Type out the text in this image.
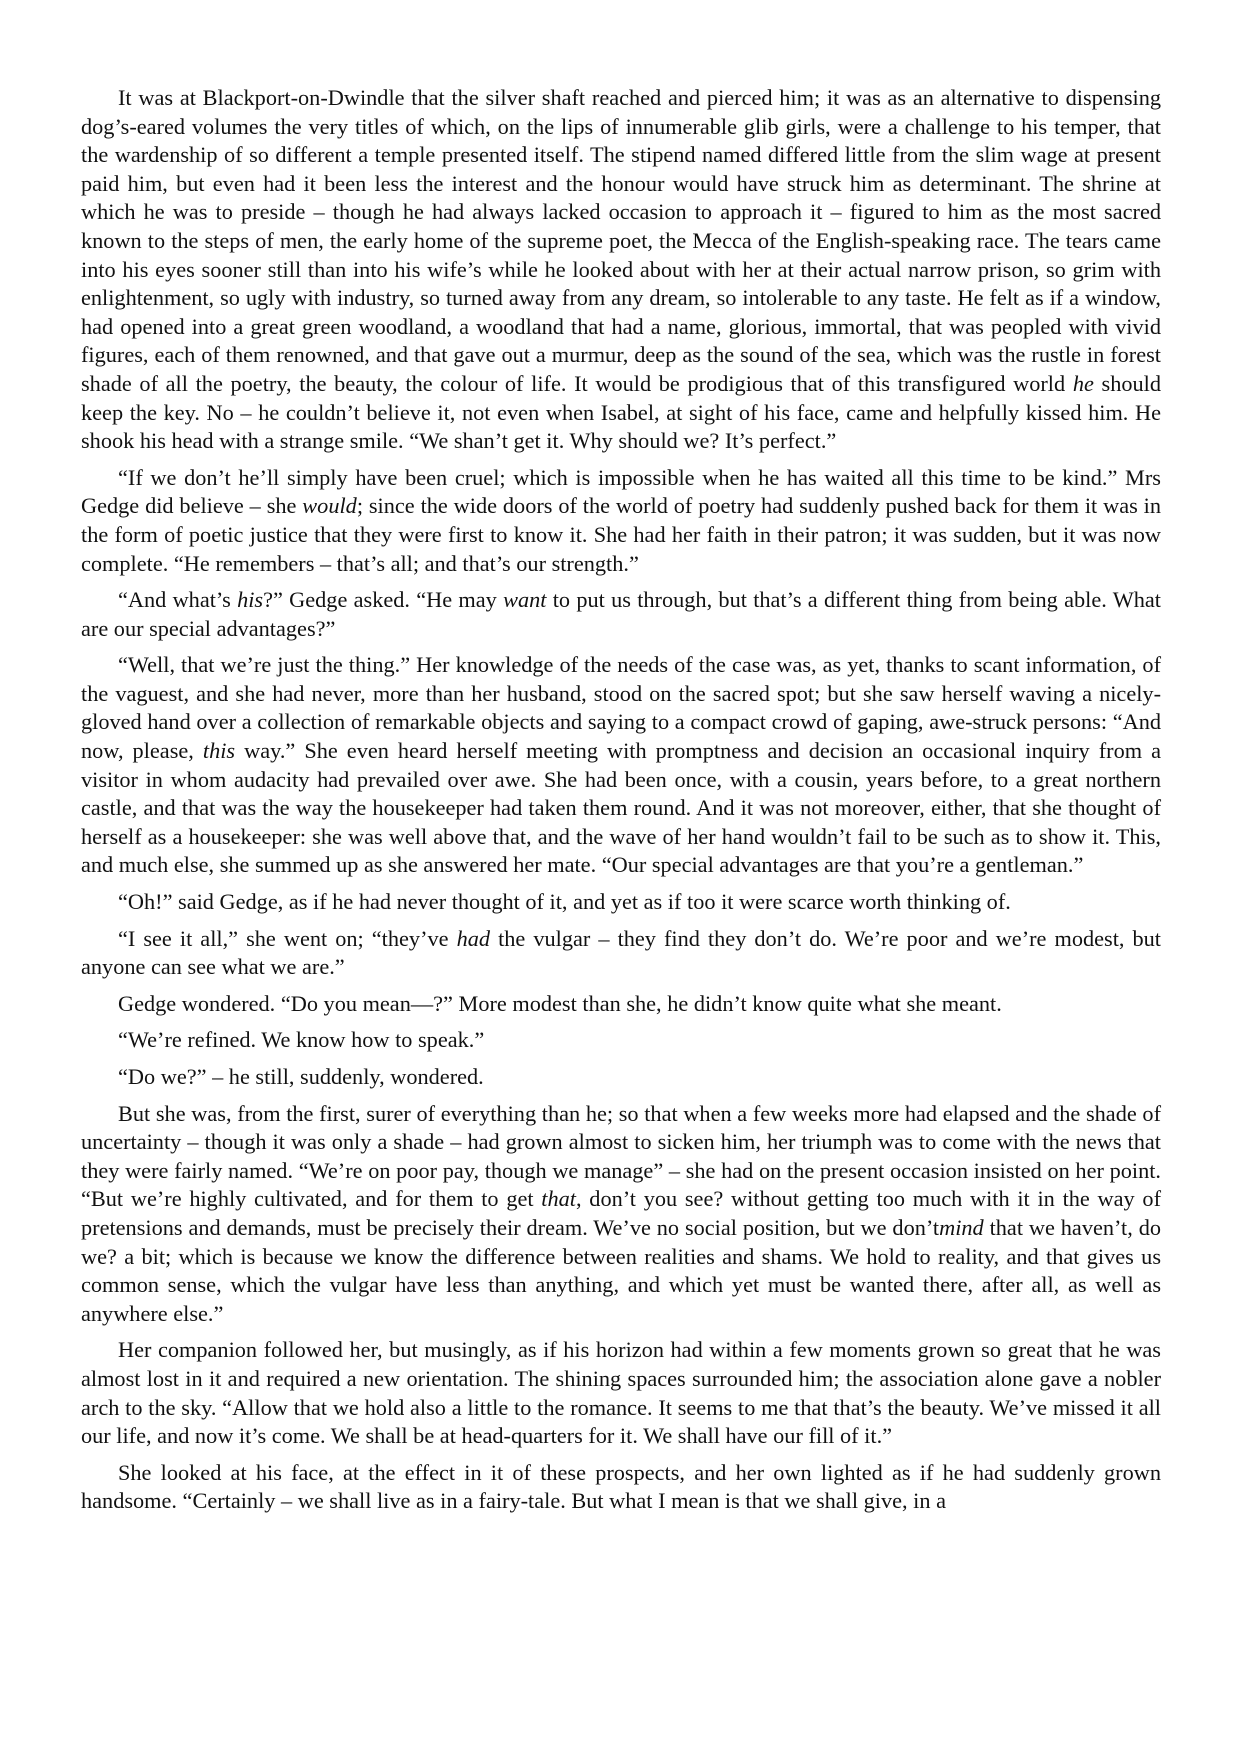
It was at Blackport-on-Dwindle that the silver shaft reached and pierced him; it was as an alternative to dispensing dog’s-eared volumes the very titles of which, on the lips of innumerable glib girls, were a challenge to his temper, that the wardenship of so different a temple presented itself. The stipend named differed little from the slim wage at present paid him, but even had it been less the interest and the honour would have struck him as determinant. The shrine at which he was to preside – though he had always lacked occasion to approach it – figured to him as the most sacred known to the steps of men, the early home of the supreme poet, the Mecca of the English-speaking race. The tears came into his eyes sooner still than into his wife’s while he looked about with her at their actual narrow prison, so grim with enlightenment, so ugly with industry, so turned away from any dream, so intolerable to any taste. He felt as if a window, had opened into a great green woodland, a woodland that had a name, glorious, immortal, that was peopled with vivid figures, each of them renowned, and that gave out a murmur, deep as the sound of the sea, which was the rustle in forest shade of all the poetry, the beauty, the colour of life. It would be prodigious that of this transfigured world he should keep the key. No – he couldn’t believe it, not even when Isabel, at sight of his face, came and helpfully kissed him. He shook his head with a strange smile. “We shan’t get it. Why should we? It’s perfect.”

“If we don’t he’ll simply have been cruel; which is impossible when he has waited all this time to be kind.” Mrs Gedge did believe – she would; since the wide doors of the world of poetry had suddenly pushed back for them it was in the form of poetic justice that they were first to know it. She had her faith in their patron; it was sudden, but it was now complete. “He remembers – that’s all; and that’s our strength.”

“And what’s his?” Gedge asked. “He may want to put us through, but that’s a different thing from being able. What are our special advantages?”

“Well, that we’re just the thing.” Her knowledge of the needs of the case was, as yet, thanks to scant information, of the vaguest, and she had never, more than her husband, stood on the sacred spot; but she saw herself waving a nicely-gloved hand over a collection of remarkable objects and saying to a compact crowd of gaping, awe-struck persons: “And now, please, this way.” She even heard herself meeting with promptness and decision an occasional inquiry from a visitor in whom audacity had prevailed over awe. She had been once, with a cousin, years before, to a great northern castle, and that was the way the housekeeper had taken them round. And it was not moreover, either, that she thought of herself as a housekeeper: she was well above that, and the wave of her hand wouldn’t fail to be such as to show it. This, and much else, she summed up as she answered her mate. “Our special advantages are that you’re a gentleman.”

“Oh!” said Gedge, as if he had never thought of it, and yet as if too it were scarce worth thinking of.

“I see it all,” she went on; “they’ve had the vulgar – they find they don’t do. We’re poor and we’re modest, but anyone can see what we are.”

Gedge wondered. “Do you mean—?” More modest than she, he didn’t know quite what she meant.

“We’re refined. We know how to speak.”

“Do we?” – he still, suddenly, wondered.

But she was, from the first, surer of everything than he; so that when a few weeks more had elapsed and the shade of uncertainty – though it was only a shade – had grown almost to sicken him, her triumph was to come with the news that they were fairly named. “We’re on poor pay, though we manage” – she had on the present occasion insisted on her point. “But we’re highly cultivated, and for them to get that, don’t you see? without getting too much with it in the way of pretensions and demands, must be precisely their dream. We’ve no social position, but we don’tmind that we haven’t, do we? a bit; which is because we know the difference between realities and shams. We hold to reality, and that gives us common sense, which the vulgar have less than anything, and which yet must be wanted there, after all, as well as anywhere else.”

Her companion followed her, but musingly, as if his horizon had within a few moments grown so great that he was almost lost in it and required a new orientation. The shining spaces surrounded him; the association alone gave a nobler arch to the sky. “Allow that we hold also a little to the romance. It seems to me that that’s the beauty. We’ve missed it all our life, and now it’s come. We shall be at head-quarters for it. We shall have our fill of it.”

She looked at his face, at the effect in it of these prospects, and her own lighted as if he had suddenly grown handsome. “Certainly – we shall live as in a fairy-tale. But what I mean is that we shall give, in a
